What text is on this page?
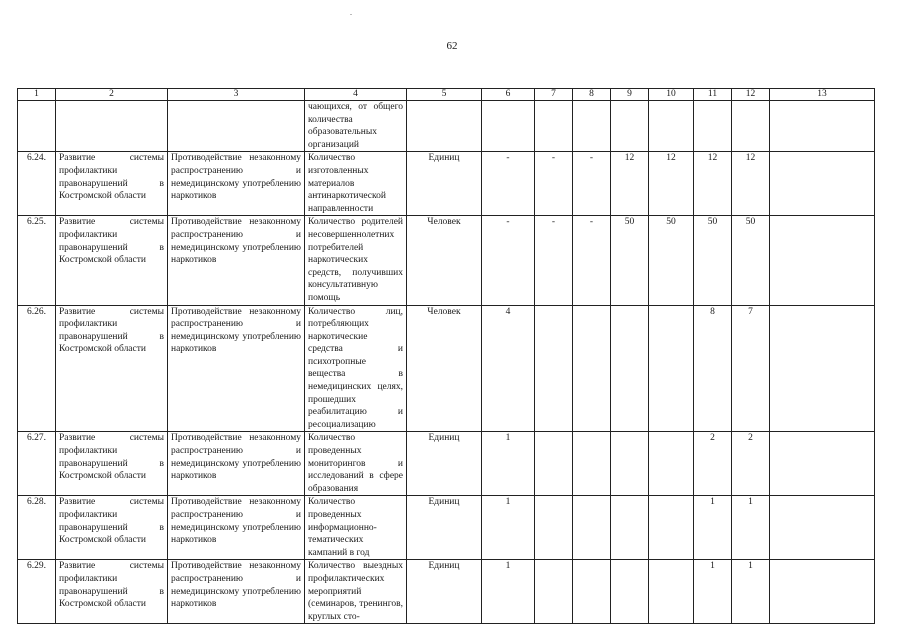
62
1	2	3	4	5	6	7	8	9	10	11	12	13
			чающихся, от общего количества образовательных организаций									
6.24.	Развитие системы профилактики правонарушений в Костромской области	Противодействие незаконному распространению и немедицинскому употреблению наркотиков	Количество изготовленных материалов антинаркотической направленности	Единиц	-	-	-	12	12	12	12	
6.25.	Развитие системы профилактики правонарушений в Костромской области	Противодействие незаконному распространению и немедицинскому употреблению наркотиков	Количество родителей несовершеннолетних потребителей наркотических средств, получивших консультативную помощь	Человек	-	-	-	50	50	50	50	
6.26.	Развитие системы профилактики правонарушений в Костромской области	Противодействие незаконному распространению и немедицинскому употреблению наркотиков	Количество лиц, потребляющих наркотические средства и психотропные вещества в немедицинских целях, прошедших реабилитацию и ресоциализацию	Человек	4					8	7	
6.27.	Развитие системы профилактики правонарушений в Костромской области	Противодействие незаконному распространению и немедицинскому употреблению наркотиков	Количество проведенных мониторингов и исследований в сфере образования	Единиц	1					2	2	
6.28.	Развитие системы профилактики правонарушений в Костромской области	Противодействие незаконному распространению и немедицинскому употреблению наркотиков	Количество проведенных информационно-тематических кампаний в год	Единиц	1					1	1	
6.29.	Развитие системы профилактики правонарушений в Костромской области	Противодействие незаконному распространению и немедицинскому употреблению наркотиков	Количество выездных профилактических мероприятий (семинаров, тренингов, круглых сто-	Единиц	1					1	1	
